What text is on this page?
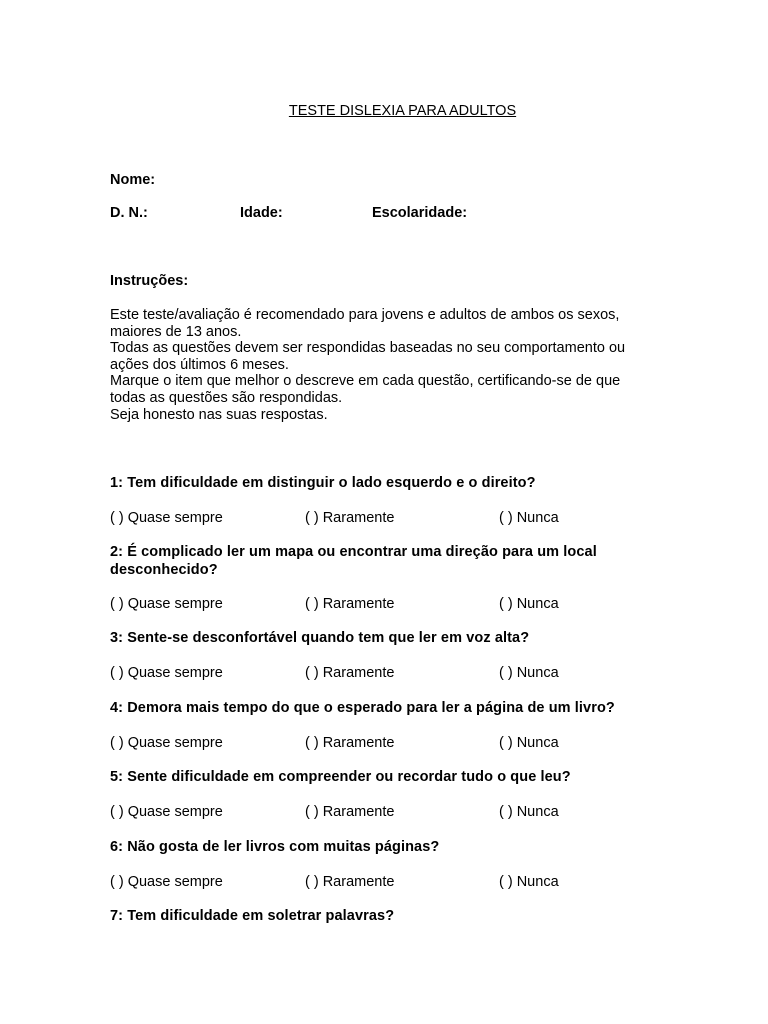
TESTE DISLEXIA PARA ADULTOS
Nome:
D. N.:	Idade:	Escolaridade:
Instruções:
Este teste/avaliação é recomendado para jovens e adultos de ambos os sexos,
maiores de 13 anos.
Todas as questões devem ser respondidas baseadas no seu comportamento ou
ações dos últimos 6 meses.
Marque o item que melhor o descreve em cada questão, certificando-se de que
todas as questões são respondidas.
Seja honesto nas suas respostas.
1: Tem dificuldade em distinguir o lado esquerdo e o direito?
( ) Quase sempre	( ) Raramente	( ) Nunca
2: É complicado ler um mapa ou encontrar uma direção para um local
desconhecido?
( ) Quase sempre	( ) Raramente	( ) Nunca
3: Sente-se desconfortável quando tem que ler em voz alta?
( ) Quase sempre	( ) Raramente	( ) Nunca
4: Demora mais tempo do que o esperado para ler a página de um livro?
( ) Quase sempre	( ) Raramente	( ) Nunca
5: Sente dificuldade em compreender ou recordar tudo o que leu?
( ) Quase sempre	( ) Raramente	( ) Nunca
6: Não gosta de ler livros com muitas páginas?
( ) Quase sempre	( ) Raramente	( ) Nunca
7: Tem dificuldade em soletrar palavras?
